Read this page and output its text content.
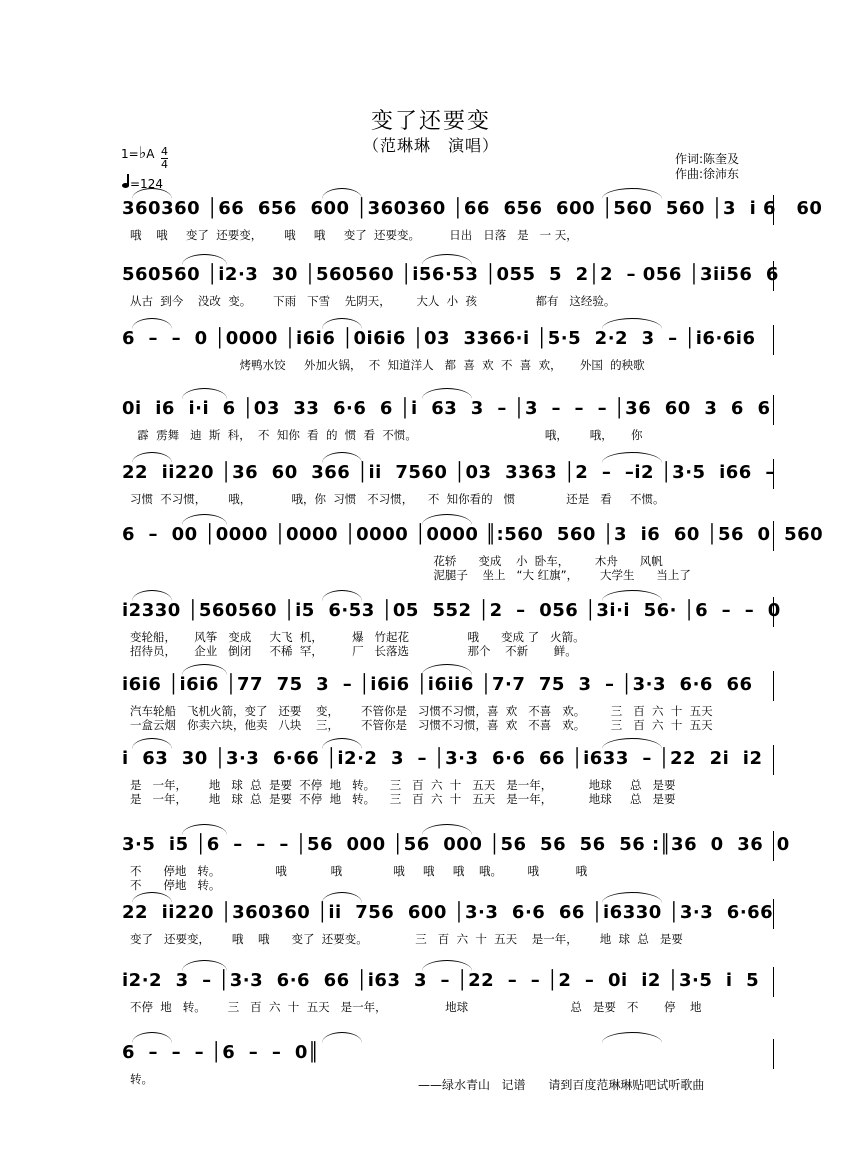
变了还要变
（范琳琳　演唱）
1=♭A $\frac{4}{4}$
=124
作词:陈奎及
作曲:徐沛东
360360 │66  656  600 │360360 │66  656  600 │560  560 │3  i 6   60
哦    哦     变了  还要变，      哦     哦     变了  还要变。        日出   日落   是   一 天，
560560 │i2·3  30 │560560 │i56·53 │055  5  2│2  – 056 │3ii56  6
从古  到今    没改  变。      下雨   下雪    先阴天，       大人  小  孩                都有   这经验。
6  –  –  0 │0000 │i6i6 │0i6i6 │03  3366·i │5·5  2·2  3  – │i6·6i6
烤鸭水饺     外加火锅，  不  知道洋人   都  喜  欢  不  喜  欢，     外国  的秧歌
0i  i6  i·i  6 │03  33  6·6  6 │i  63  3  – │3  –  –  – │36  60  3  6  6
霹  雳舞   迪  斯  科，  不  知你  看  的  惯  看  不惯。                                   哦，      哦，     你
22  ii220 │36  60  366 │ii  7560 │03  3363 │2  –  –i2 │3·5  i66  –
习惯  不习惯，      哦，           哦，你  习惯   不习惯，    不  知你看的   惯              还是   看     不惯。
6  –  00 │0000 │0000 │0000 │0000 ║:560  560 │3  i6  60 │56  0  560
花轿      变成    小  卧车，       木舟      风帆
泥腿子    坐上   “大 红旗”，      大学生      当上了
i2330 │560560 │i5  6·53 │05  552 │2  –  056 │3i·i  56· │6  –  –  0
变轮船，     风筝   变成     大飞  机，        爆   竹起花                哦      变成 了   火箭。
招待员，     企业   倒闭     不稀  罕，        厂   长落选                那个    不新       鲜。
i6i6 │i6i6 │77  75  3  – │i6i6 │i6ii6 │7·7  75  3  – │3·3  6·6  66
汽车轮船   飞机火箭，变了   还要    变，      不管你是   习惯不习惯，喜  欢   不喜   欢。       三   百  六  十  五天
一盒云烟   你卖六块，他卖   八块    三，      不管你是   习惯不习惯，喜  欢   不喜   欢。       三   百  六  十  五天
i  63  30 │3·3  6·66 │i2·2  3  – │3·3  6·6  66 │i633  – │22  2i  i2
是   一年，      地   球  总  是要  不停  地   转。    三   百  六  十   五天   是一年，          地球     总   是要
是   一年，      地   球  总  是要  不停  地   转。    三   百  六  十   五天   是一年，          地球     总   是要
3·5  i5 │6  –  –  – │56  000 │56  000 │56  56  56  56 :║36  0  36  0
不      停地   转。               哦            哦              哦     哦     哦    哦。       哦          哦
不      停地   转。
22  ii220 │360360 │ii  756  600 │3·3  6·6  66 │i6330 │3·3  6·66
变了   还要变，      哦    哦      变了  还要变。             三   百  六  十  五天    是一年，      地  球  总   是要
i2·2  3  – │3·3  6·6  66 │i63  3  – │22  –  – │2  –  0i  i2 │3·5  i  5
不停  地   转。      三   百  六  十  五天   是一年，                地球                            总   是要   不       停    地
6  –  –  – │6  –  –  0║
转。	——绿水青山   记谱      请到百度范琳琳贴吧试听歌曲
